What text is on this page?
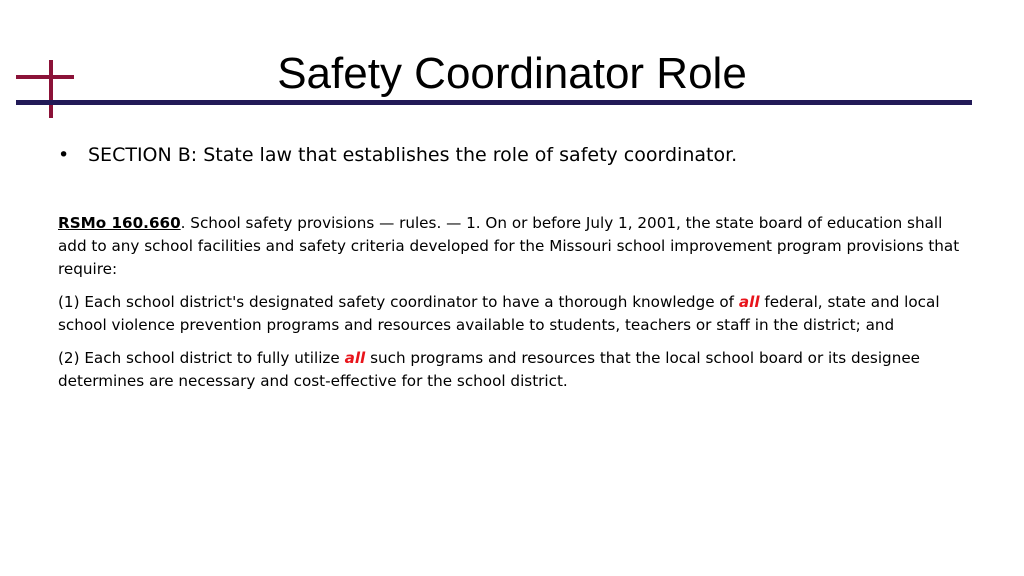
Safety Coordinator Role
• SECTION B: State law that establishes the role of safety coordinator.

RSMo 160.660. School safety provisions — rules. — 1. On or before July 1, 2001, the state board of education shall add to any school facilities and safety criteria developed for the Missouri school improvement program provisions that require:

(1) Each school district's designated safety coordinator to have a thorough knowledge of all federal, state and local school violence prevention programs and resources available to students, teachers or staff in the district; and

(2) Each school district to fully utilize all such programs and resources that the local school board or its designee determines are necessary and cost-effective for the school district.
